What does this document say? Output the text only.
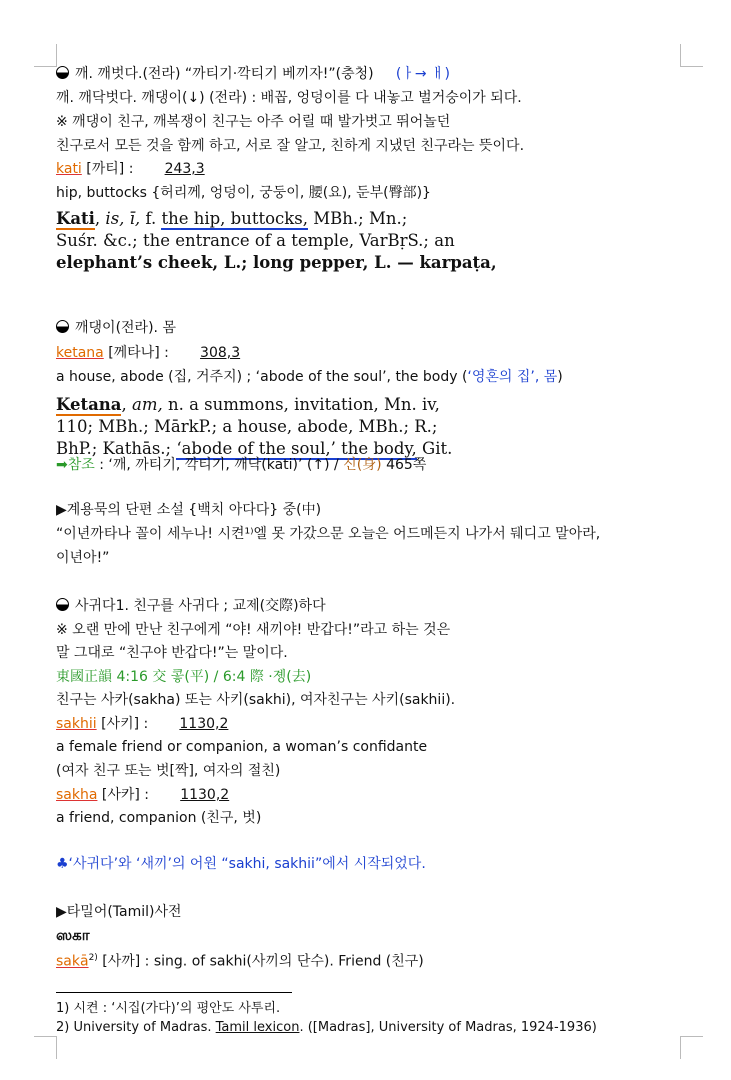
깨. 깨벗다.(전라) “까티기·깍티기 베끼자!”(충청) (ㅏ→ ㅐ)
깨. 깨닥벗다. 깨댕이(↓) (전라) : 배꼽, 엉덩이를 다 내놓고 벌거숭이가 되다.
※ 깨댕이 친구, 깨복쟁이 친구는 아주 어릴 때 발가벗고 뛰어놀던
친구로서 모든 것을 함께 하고, 서로 잘 알고, 친하게 지냈던 친구라는 뜻이다.
kati [까티] : 243,3
hip, buttocks {허리께, 엉덩이, 궁둥이, 腰(요), 둔부(臀部)}
Kati, is, ī, f. the hip, buttocks, MBh.; Mn.;
Suśr. &c.; the entrance of a temple, VarBṛS.; an
elephant’s cheek, L.; long pepper, L. — karpaṭa,
깨댕이(전라). 몸
ketana [께타나] : 308,3
a house, abode (집, 거주지) ; ‘abode of the soul’, the body (‘영혼의 집’, 몸)
Ketana, am, n. a summons, invitation, Mn. iv,
110; MBh.; MārkP.; a house, abode, MBh.; R.;
BhP.; Kathās.; ‘abode of the soul,’ the body, Git.
➡참조 : ‘깨, 까티기, 깍티기, 깨닥(kati)’ (↑) / 신(身) 465쪽
▶계용묵의 단편 소설 {백치 아다다} 중(中)
“이년까타나 꼴이 세누나! 시켠¹⁾엘 못 가갔으문 오늘은 어드메든지 나가서 뒈디고 말아라,
이년아!”
사귀다1. 친구를 사귀다 ; 교제(交際)하다
※ 오랜 만에 만난 친구에게 “야! 새끼야! 반갑다!”라고 하는 것은
말 그대로 “친구야 반갑다!”는 말이다.
東國正韻 4:16 交 콯(平) / 6:4 際 ·졩(去)
친구는 사카(sakha) 또는 사키(sakhi), 여자친구는 사키(sakhii).
sakhii [사키] : 1130,2
a female friend or companion, a woman’s confidante
(여자 친구 또는 벗[짝], 여자의 절친)
sakha [사카] : 1130,2
a friend, companion (친구, 벗)
♣‘사귀다’와 ‘새끼’의 어원 “sakhi, sakhii”에서 시작되었다.
▶타밀어(Tamil)사전
ஸகா
sakā$^{2)}$ [사까] : sing. of sakhi(사끼의 단수). Friend (친구)
1) 시켠 : ‘시집(가다)’의 평안도 사투리.
2) University of Madras. Tamil lexicon. ([Madras], University of Madras, 1924-1936)
